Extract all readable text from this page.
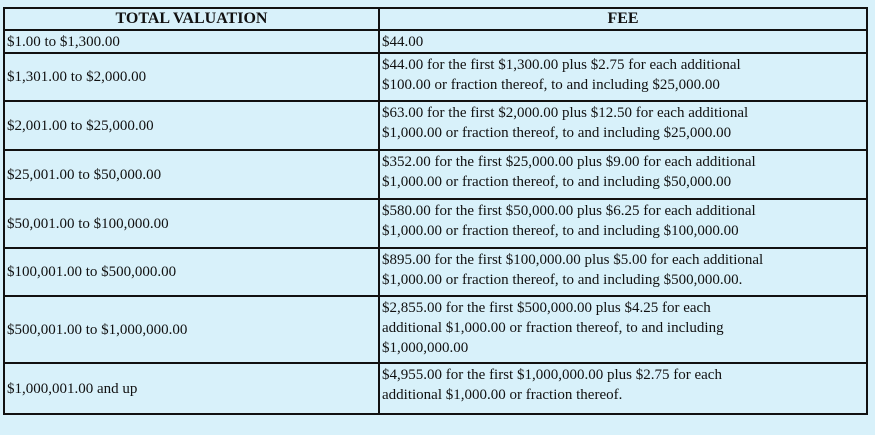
TOTAL VALUATION	FEE
$1.00 to $1,300.00	$44.00

$1,301.00 to $2,000.00	$44.00 for the first $1,300.00 plus $2.75 for each additional
$100.00 or fraction thereof, to and including $25,000.00

$2,001.00 to $25,000.00	$63.00 for the first $2,000.00 plus $12.50 for each additional
$1,000.00 or fraction thereof, to and including $25,000.00

$25,001.00 to $50,000.00	$352.00 for the first $25,000.00 plus $9.00 for each additional
$1,000.00 or fraction thereof, to and including $50,000.00

$50,001.00 to $100,000.00	$580.00 for the first $50,000.00 plus $6.25 for each additional
$1,000.00 or fraction thereof, to and including $100,000.00

$100,001.00 to $500,000.00	$895.00 for the first $100,000.00 plus $5.00 for each additional
$1,000.00 or fraction thereof, to and including $500,000.00.

$500,001.00 to $1,000,000.00	$2,855.00 for the first $500,000.00 plus $4.25 for each
additional $1,000.00 or fraction thereof, to and including
$1,000,000.00

$1,000,001.00 and up	$4,955.00 for the first $1,000,000.00 plus $2.75 for each
additional $1,000.00 or fraction thereof.
